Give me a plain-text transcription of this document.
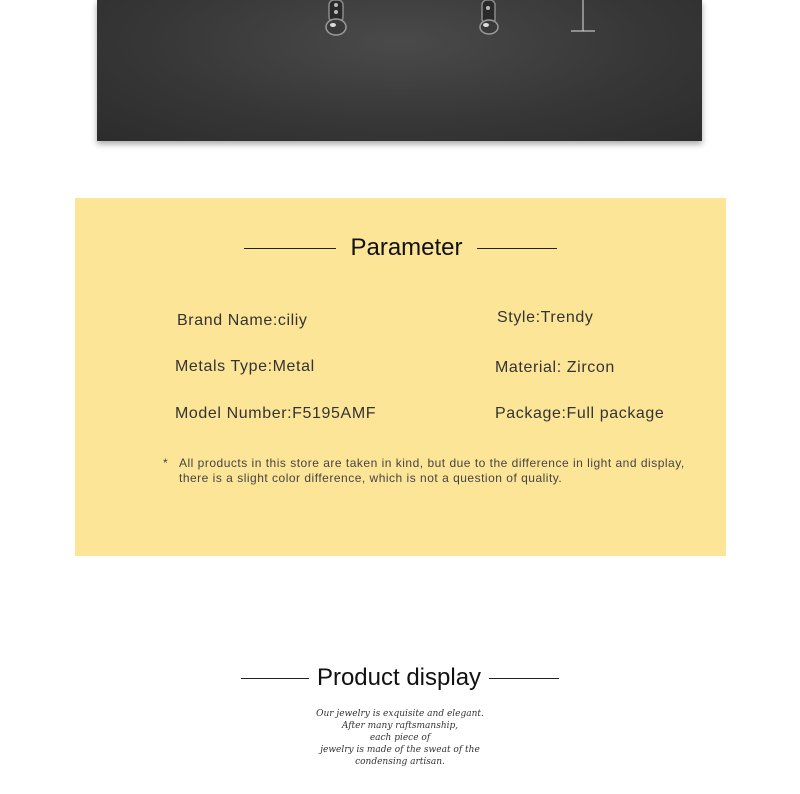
Parameter
Brand Name:ciliy	Style:Trendy
Metals Type:Metal	Material: Zircon
Model Number:F5195AMF	Package:Full package
* All products in this store are taken in kind, but due to the difference in light and display, there is a slight color difference, which is not a question of quality.
Product display
Our jewelry is exquisite and elegant.
After many raftsmanship,
each piece of
jewelry is made of the sweat of the
condensing artisan.
